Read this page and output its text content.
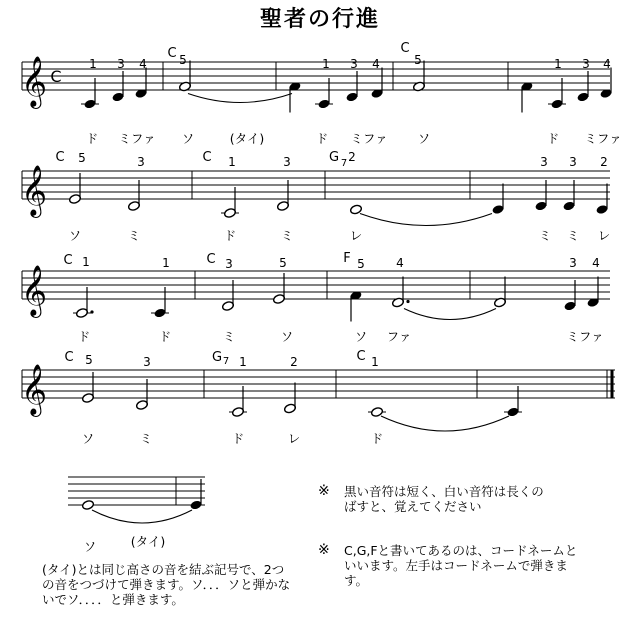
聖者の行進
𝄞 C
C 5
C
5
1 3 4	1 3 4	1 3 4
ド ミファ ソ	(タイ)	ド ミファ ソ	ド ミファ
𝄞
C 5	C 1	G 7 2
3	3	3 3 2
ソ	ミ	ド	ミ	レ	ミ ミ レ
𝄞
C 1	C 3	F 5
1	5	4	3 4
ド	ド	ミ	ソ	ソ ファ	ミファ
𝄞
C 5	G 7 1	C 1
3	2
ソ	ミ	ド	レ	ド
ソ	(タイ)
※ 黒い音符は短く、白い音符は長くのばすと、覚えてください
※ C,G,Fと書いてあるのは、コードネームといいます。左手はコードネームで弾きます。
(タイ)とは同じ高さの音を結ぶ記号で、2つの音をつづけて弾きます。ソ．．．ソと弾かないでソ．．．．と弾きます。
